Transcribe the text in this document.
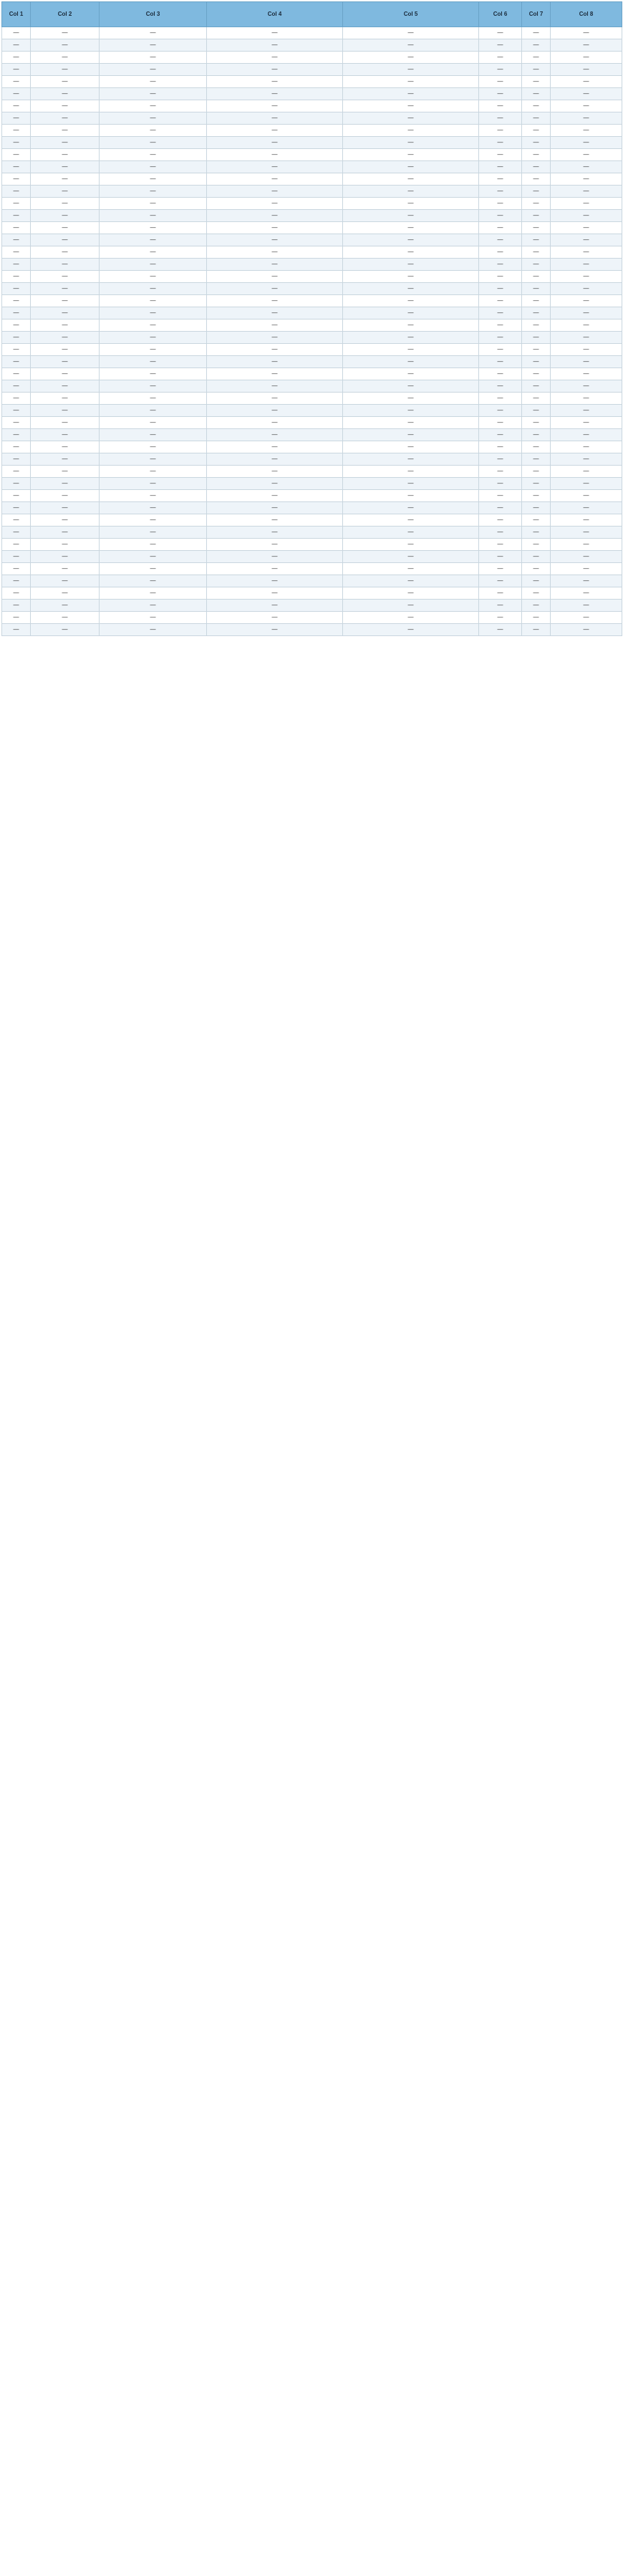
Col 1	Col 2	Col 3	Col 4	Col 5	Col 6	Col 7	Col 8
—	—	—	—	—	—	—	—
—	—	—	—	—	—	—	—
—	—	—	—	—	—	—	—
—	—	—	—	—	—	—	—
—	—	—	—	—	—	—	—
—	—	—	—	—	—	—	—
—	—	—	—	—	—	—	—
—	—	—	—	—	—	—	—
—	—	—	—	—	—	—	—
—	—	—	—	—	—	—	—
—	—	—	—	—	—	—	—
—	—	—	—	—	—	—	—
—	—	—	—	—	—	—	—
—	—	—	—	—	—	—	—
—	—	—	—	—	—	—	—
—	—	—	—	—	—	—	—
—	—	—	—	—	—	—	—
—	—	—	—	—	—	—	—
—	—	—	—	—	—	—	—
—	—	—	—	—	—	—	—
—	—	—	—	—	—	—	—
—	—	—	—	—	—	—	—
—	—	—	—	—	—	—	—
—	—	—	—	—	—	—	—
—	—	—	—	—	—	—	—
—	—	—	—	—	—	—	—
—	—	—	—	—	—	—	—
—	—	—	—	—	—	—	—
—	—	—	—	—	—	—	—
—	—	—	—	—	—	—	—
—	—	—	—	—	—	—	—
—	—	—	—	—	—	—	—
—	—	—	—	—	—	—	—
—	—	—	—	—	—	—	—
—	—	—	—	—	—	—	—
—	—	—	—	—	—	—	—
—	—	—	—	—	—	—	—
—	—	—	—	—	—	—	—
—	—	—	—	—	—	—	—
—	—	—	—	—	—	—	—
—	—	—	—	—	—	—	—
—	—	—	—	—	—	—	—
—	—	—	—	—	—	—	—
—	—	—	—	—	—	—	—
—	—	—	—	—	—	—	—
—	—	—	—	—	—	—	—
—	—	—	—	—	—	—	—
—	—	—	—	—	—	—	—
—	—	—	—	—	—	—	—
—	—	—	—	—	—	—	—
